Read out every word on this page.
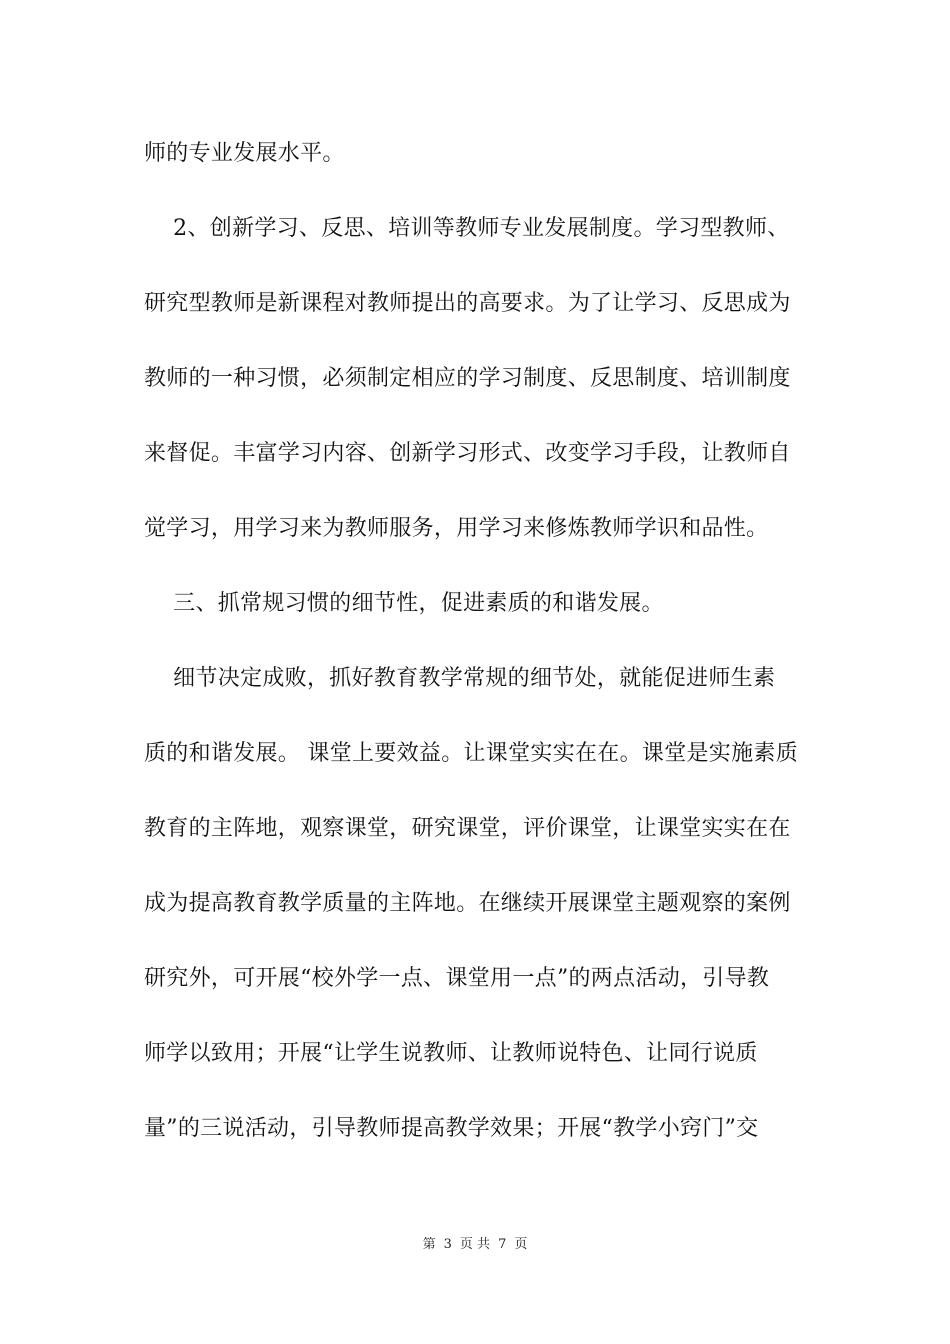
师的专业发展水平。
2、创新学习、反思、培训等教师专业发展制度。学习型教师、
研究型教师是新课程对教师提出的高要求。为了让学习、反思成为
教师的一种习惯，必须制定相应的学习制度、反思制度、培训制度
来督促。丰富学习内容、创新学习形式、改变学习手段，让教师自
觉学习，用学习来为教师服务，用学习来修炼教师学识和品性。
三、抓常规习惯的细节性，促进素质的和谐发展。
细节决定成败，抓好教育教学常规的细节处，就能促进师生素
质的和谐发展。 课堂上要效益。让课堂实实在在。课堂是实施素质
教育的主阵地，观察课堂，研究课堂，评价课堂，让课堂实实在在
成为提高教育教学质量的主阵地。在继续开展课堂主题观察的案例
研究外，可开展“校外学一点、课堂用一点”的两点活动，引导教
师学以致用；开展“让学生说教师、让教师说特色、让同行说质
量”的三说活动，引导教师提高教学效果；开展“教学小窍门”交
第 3 页 共 7 页
